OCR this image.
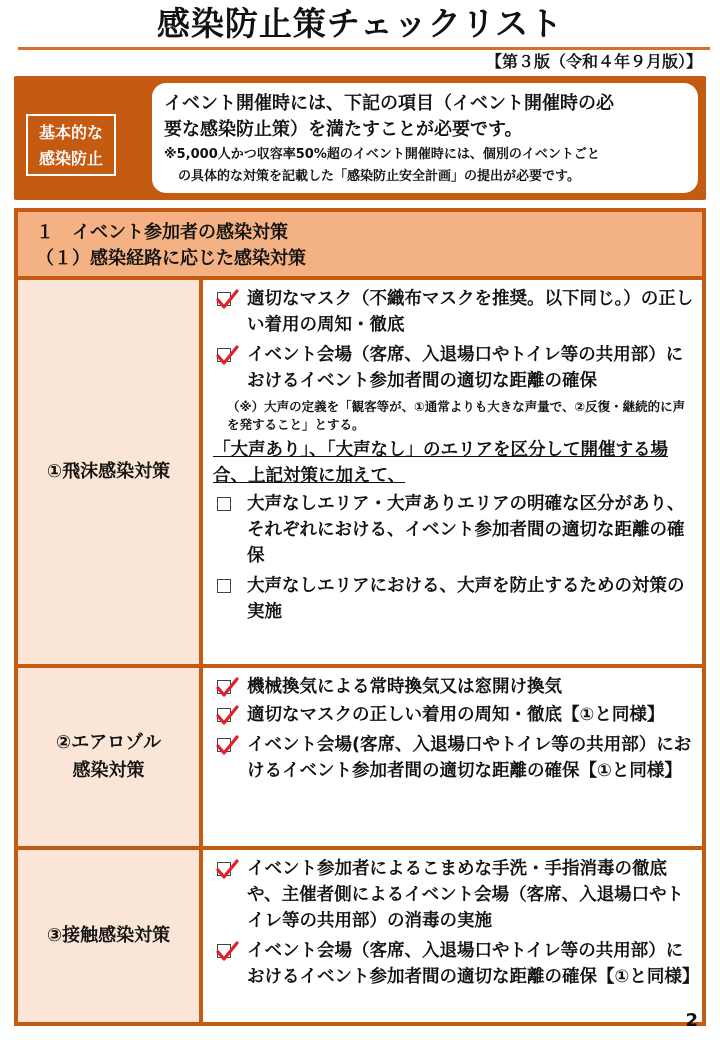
感染防止策チェックリスト
【第３版（令和４年９月版）】
基本的な
感染防止
イベント開催時には、下記の項目（イベント開催時の必
要な感染防止策）を満たすことが必要です。
※5,000人かつ収容率50%超のイベント開催時には、個別のイベントごと
の具体的な対策を記載した「感染防止安全計画」の提出が必要です。
１　イベント参加者の感染対策
（１）感染経路に応じた感染対策
①飛沫感染対策
適切なマスク（不織布マスクを推奨。以下同じ。）の正しい着用の周知・徹底
イベント会場（客席、入退場口やトイレ等の共用部）におけるイベント参加者間の適切な距離の確保
（※）大声の定義を「観客等が、①通常よりも大きな声量で、②反復・継続的に声を発すること」とする。
「大声あり」、「大声なし」のエリアを区分して開催する場合、上記対策に加えて、
大声なしエリア・大声ありエリアの明確な区分があり、それぞれにおける、イベント参加者間の適切な距離の確保
大声なしエリアにおける、大声を防止するための対策の実施
②エアロゾル
感染対策
機械換気による常時換気又は窓開け換気
適切なマスクの正しい着用の周知・徹底【①と同様】
イベント会場(客席、入退場口やトイレ等の共用部）におけるイベント参加者間の適切な距離の確保【①と同様】
③接触感染対策
イベント参加者によるこまめな手洗・手指消毒の徹底や、主催者側によるイベント会場（客席、入退場口やトイレ等の共用部）の消毒の実施
イベント会場（客席、入退場口やトイレ等の共用部）におけるイベント参加者間の適切な距離の確保【①と同様】
2
